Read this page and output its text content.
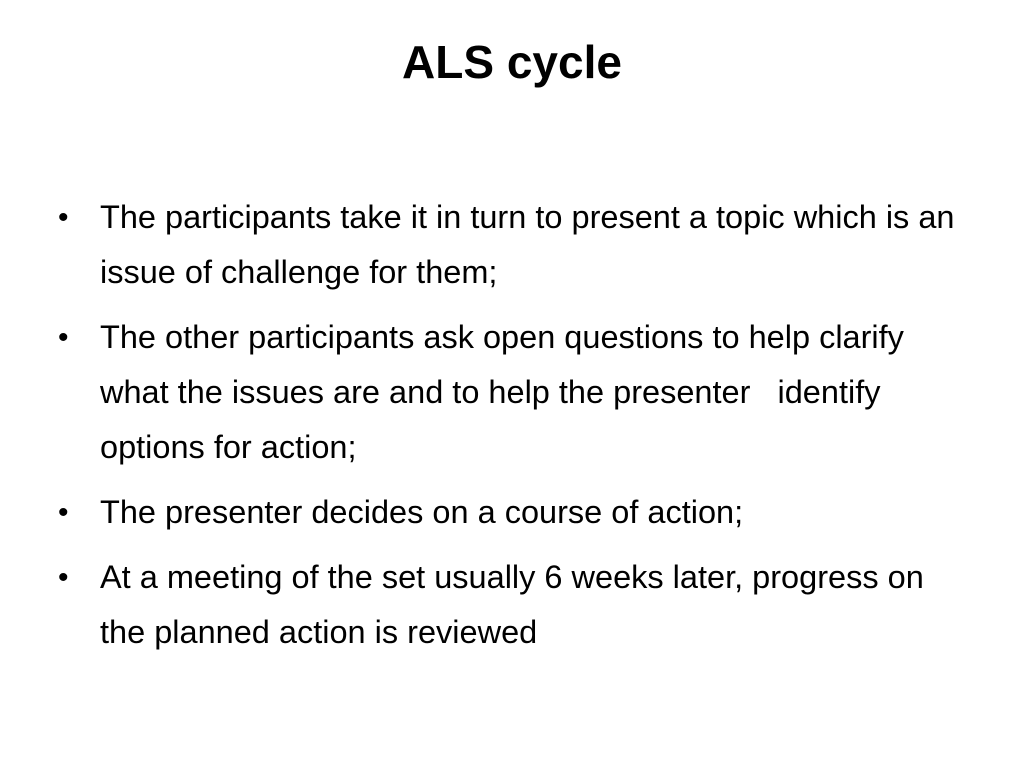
ALS cycle
• The participants take it in turn to present a topic which is an issue of challenge for them;
• The other participants ask open questions to help clarify what the issues are and to help the presenter   identify options for action;
• The presenter decides on a course of action;
• At a meeting of the set usually 6 weeks later, progress on the planned action is reviewed
